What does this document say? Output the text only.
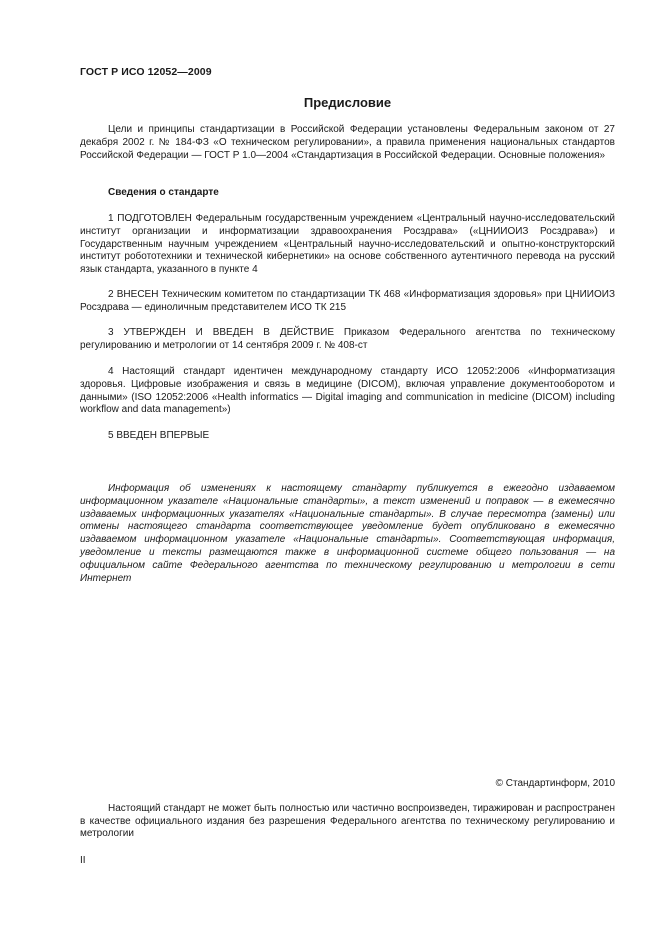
ГОСТ Р ИСО 12052—2009
Предисловие

Цели и принципы стандартизации в Российской Федерации установлены Федеральным законом от 27 декабря 2002 г. № 184-ФЗ «О техническом регулировании», а правила применения национальных стандартов Российской Федерации — ГОСТ Р 1.0—2004 «Стандартизация в Российской Федерации. Основные положения»

Сведения о стандарте

1 ПОДГОТОВЛЕН Федеральным государственным учреждением «Центральный научно-исследовательский институт организации и информатизации здравоохранения Росздрава» («ЦНИИОИЗ Росздрава») и Государственным научным учреждением «Центральный научно-исследовательский и опытно-конструкторский институт робототехники и технической кибернетики» на основе собственного аутентичного перевода на русский язык стандарта, указанного в пункте 4

2 ВНЕСЕН Техническим комитетом по стандартизации ТК 468 «Информатизация здоровья» при ЦНИИОИЗ Росздрава — единоличным представителем ИСО ТК 215

3 УТВЕРЖДЕН И ВВЕДЕН В ДЕЙСТВИЕ Приказом Федерального агентства по техническому регулированию и метрологии от 14 сентября 2009 г. № 408-ст

4 Настоящий стандарт идентичен международному стандарту ИСО 12052:2006 «Информатизация здоровья. Цифровые изображения и связь в медицине (DICOM), включая управление документооборотом и данными» (ISO 12052:2006 «Health informatics — Digital imaging and communication in medicine (DICOM) including workflow and data management»)

5 ВВЕДЕН ВПЕРВЫЕ

Информация об изменениях к настоящему стандарту публикуется в ежегодно издаваемом информационном указателе «Национальные стандарты», а текст изменений и поправок — в ежемесячно издаваемых информационных указателях «Национальные стандарты». В случае пересмотра (замены) или отмены настоящего стандарта соответствующее уведомление будет опубликовано в ежемесячно издаваемом информационном указателе «Национальные стандарты». Соответствующая информация, уведомление и тексты размещаются также в информационной системе общего пользования — на официальном сайте Федерального агентства по техническому регулированию и метрологии в сети Интернет

© Стандартинформ, 2010

Настоящий стандарт не может быть полностью или частично воспроизведен, тиражирован и распространен в качестве официального издания без разрешения Федерального агентства по техническому регулированию и метрологии

II
